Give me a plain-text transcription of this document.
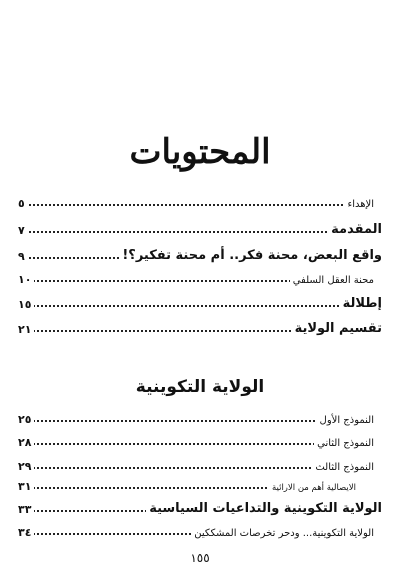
المحتويات
الإهداء
٥
المقدمة
٧
واقع البعض، محنة فكر.. أم محنة تفكير؟!
٩
محنة العقل السلفي
١٠
إطلالة
١٥
تقسيم الولاية
٢١
الولاية التكوينية
النموذج الأول
٢٥
النموذج الثاني
٢٨
النموذج الثالث
٢٩
الايصالية أهم من الارائية
٣١
الولاية التكوينية والتداعيات السياسية
٣٣
الولاية التكوينية... ودحر تخرصات المشككين
٣٤
١٥٥
